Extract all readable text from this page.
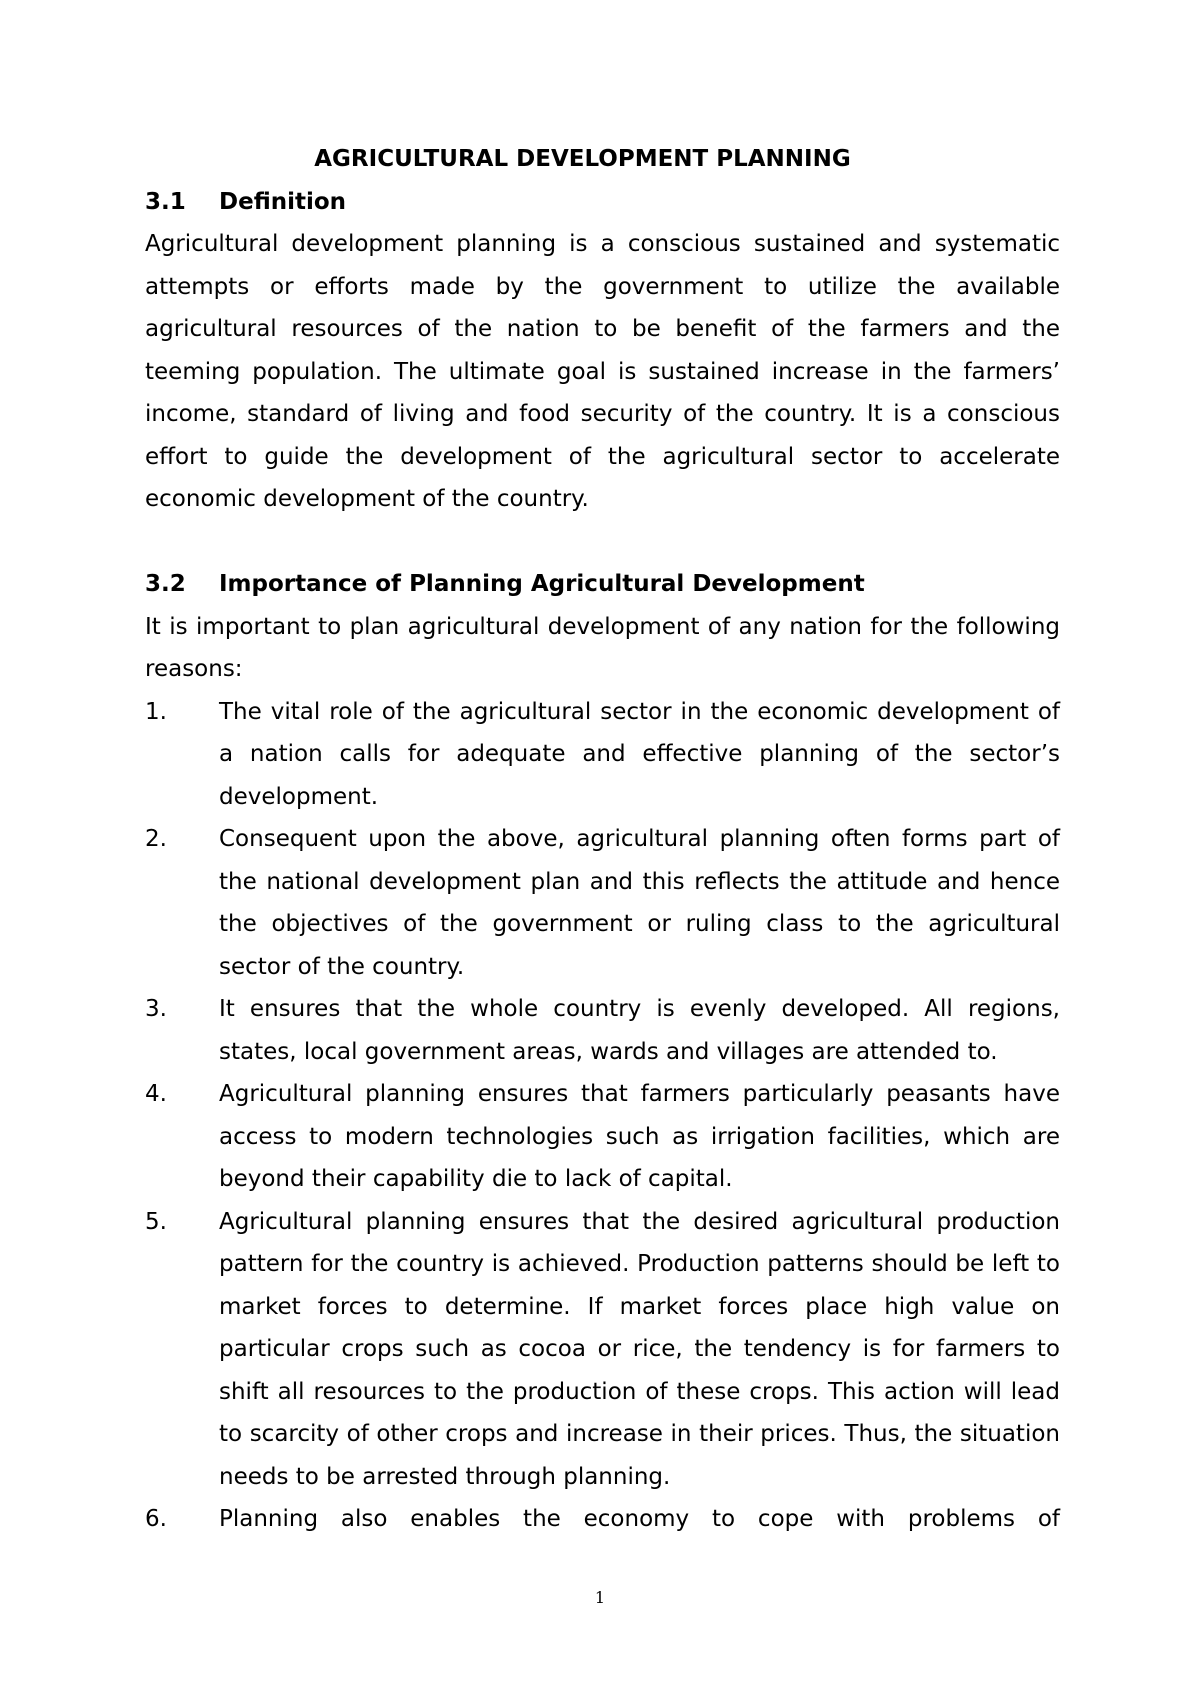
AGRICULTURAL DEVELOPMENT PLANNING

3.1	Definition

Agricultural development planning is a conscious sustained and systematic attempts or efforts made by the government to utilize the available agricultural resources of the nation to be benefit of the farmers and the teeming population. The ultimate goal is sustained increase in the farmers’ income, standard of living and food security of the country. It is a conscious effort to guide the development of the agricultural sector to accelerate economic development of the country.

3.2	Importance of Planning Agricultural Development

It is important to plan agricultural development of any nation for the following reasons:

1.	The vital role of the agricultural sector in the economic development of a nation calls for adequate and effective planning of the sector’s development.
2.	Consequent upon the above, agricultural planning often forms part of the national development plan and this reflects the attitude and hence the objectives of the government or ruling class to the agricultural sector of the country.
3.	It ensures that the whole country is evenly developed. All regions, states, local government areas, wards and villages are attended to.
4.	Agricultural planning ensures that farmers particularly peasants have access to modern technologies such as irrigation facilities, which are beyond their capability die to lack of capital.
5.	Agricultural planning ensures that the desired agricultural production pattern for the country is achieved. Production patterns should be left to market forces to determine. If market forces place high value on particular crops such as cocoa or rice, the tendency is for farmers to shift all resources to the production of these crops. This action will lead to scarcity of other crops and increase in their prices. Thus, the situation needs to be arrested through planning.
6.	Planning also enables the economy to cope with problems of
1
